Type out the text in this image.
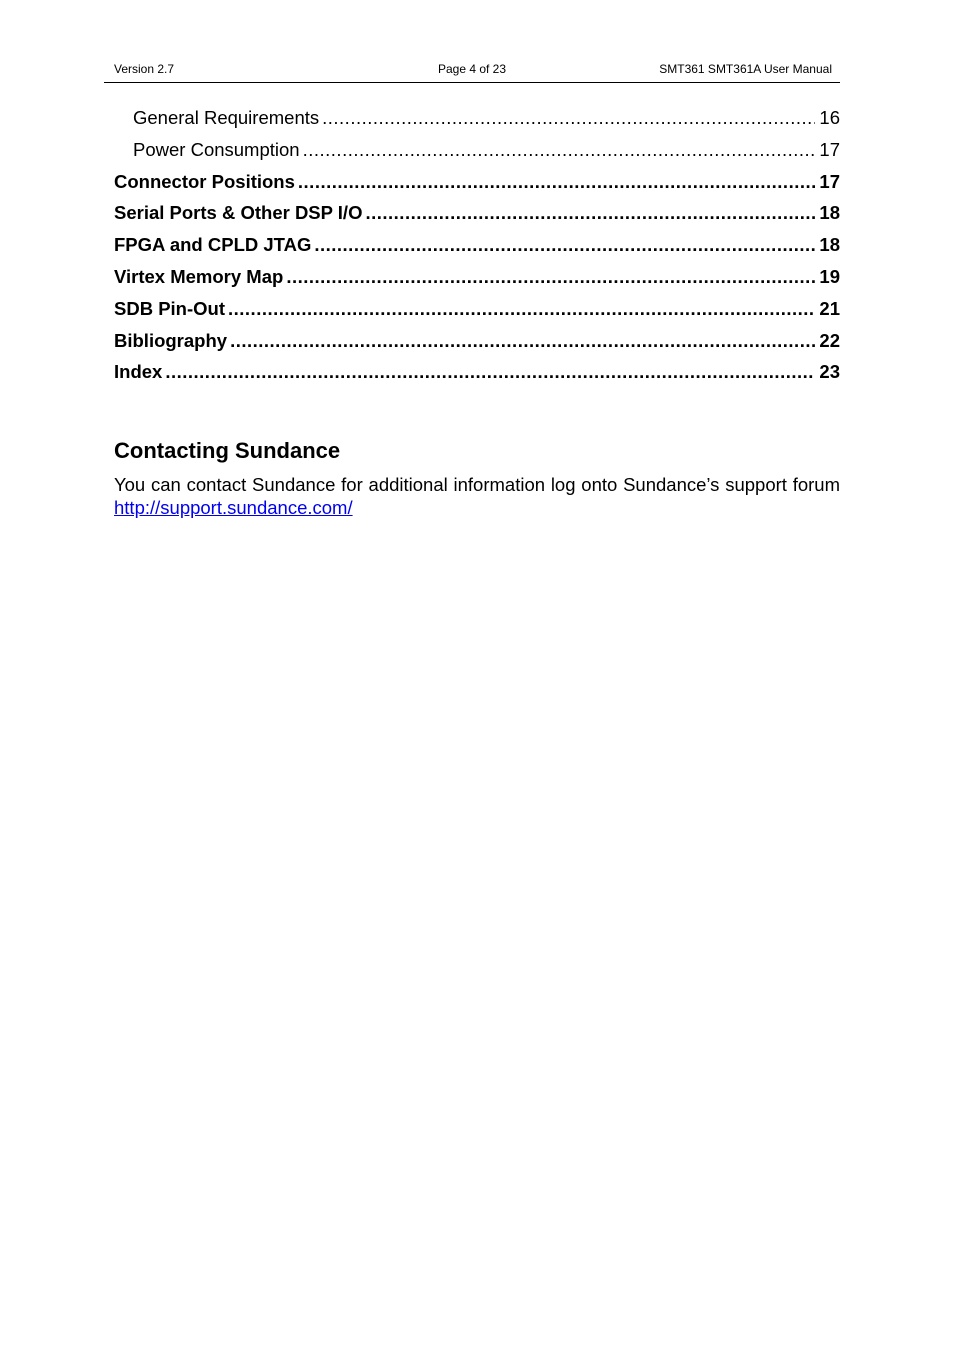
Version 2.7	Page 4 of 23	SMT361 SMT361A User Manual
General Requirements .....	16
Power Consumption .....	17
Connector Positions .....	17
Serial Ports & Other DSP I/O .....	18
FPGA and CPLD JTAG .....	18
Virtex Memory Map .....	19
SDB Pin-Out .....	21
Bibliography .....	22
Index .....	23
Contacting Sundance

You can contact Sundance for additional information log onto Sundance’s support forum http://support.sundance.com/
